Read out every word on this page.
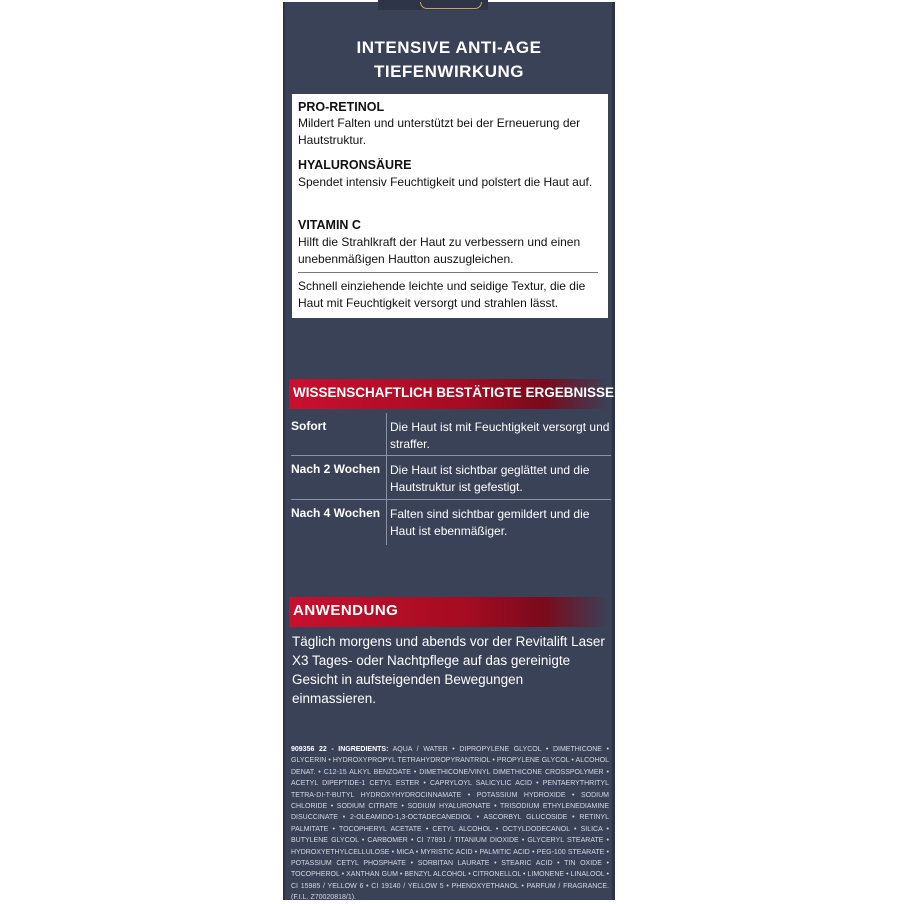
INTENSIVE ANTI-AGE
TIEFENWIRKUNG
PRO-RETINOL
Mildert Falten und unterstützt bei der Erneuerung der Hautstruktur.
HYALURONSÄURE
Spendet intensiv Feuchtigkeit und polstert die Haut auf.
VITAMIN C
Hilft die Strahlkraft der Haut zu verbessern und einen unebenmäßigen Hautton auszugleichen.
Schnell einziehende leichte und seidige Textur, die die Haut mit Feuchtigkeit versorgt und strahlen lässt.
WISSENSCHAFTLICH BESTÄTIGTE ERGEBNISSE
Sofort	Die Haut ist mit Feuchtigkeit versorgt und straffer.
Nach 2 Wochen Die Haut ist sichtbar geglättet und die Hautstruktur ist gefestigt.
Nach 4 Wochen Falten sind sichtbar gemildert und die Haut ist ebenmäßiger.
ANWENDUNG
Täglich morgens und abends vor der Revitalift Laser X3 Tages- oder Nachtpflege auf das gereinigte Gesicht in aufsteigenden Bewegungen einmassieren.
909356 22 - INGREDIENTS: AQUA / WATER • DIPROPYLENE GLYCOL • DIMETHICONE • GLYCERIN • HYDROXYPROPYL TETRAHYDROPYRANTRIOL • PROPYLENE GLYCOL • ALCOHOL DENAT. • C12-15 ALKYL BENZOATE • DIMETHICONE/VINYL DIMETHICONE CROSSPOLYMER • ACETYL DIPEPTIDE-1 CETYL ESTER • CAPRYLOYL SALICYLIC ACID • PENTAERYTHRITYL TETRA-DI-T-BUTYL HYDROXYHYDROCINNAMATE • POTASSIUM HYDROXIDE • SODIUM CHLORIDE • SODIUM CITRATE • SODIUM HYALURONATE • TRISODIUM ETHYLENEDIAMINE DISUCCINATE • 2-OLEAMIDO-1,3-OCTADECANEDIOL • ASCORBYL GLUCOSIDE • RETINYL PALMITATE • TOCOPHERYL ACETATE • CETYL ALCOHOL • OCTYLDODECANOL • SILICA • BUTYLENE GLYCOL • CARBOMER • CI 77891 / TITANIUM DIOXIDE • GLYCERYL STEARATE • HYDROXYETHYLCELLULOSE • MICA • MYRISTIC ACID • PALMITIC ACID • PEG-100 STEARATE • POTASSIUM CETYL PHOSPHATE • SORBITAN LAURATE • STEARIC ACID • TIN OXIDE • TOCOPHEROL • XANTHAN GUM • BENZYL ALCOHOL • CITRONELLOL • LIMONENE • LINALOOL • CI 15985 / YELLOW 6 • CI 19140 / YELLOW 5 • PHENOXYETHANOL • PARFUM / FRAGRANCE. (F.I.L. Z70020818/1).
